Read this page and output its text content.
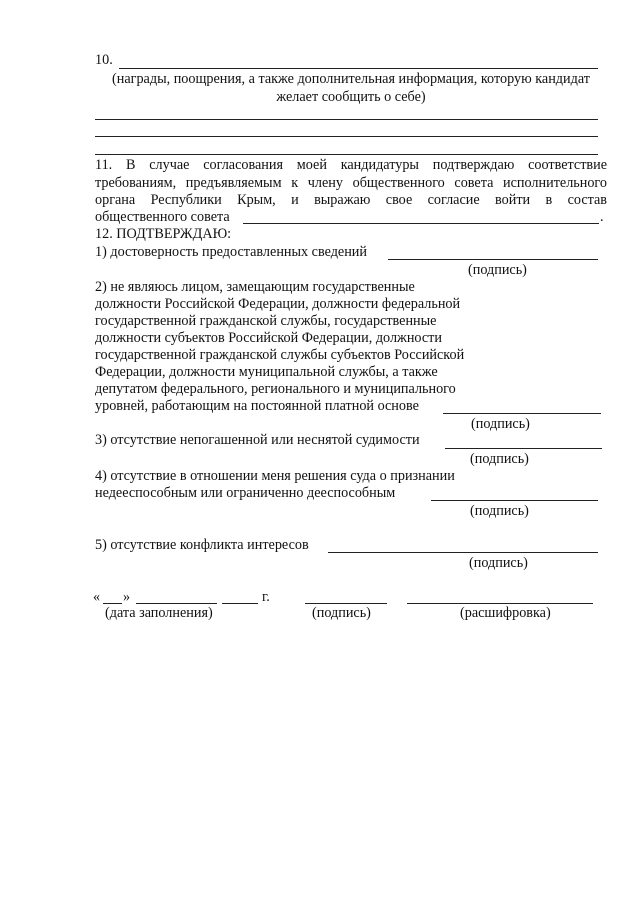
10.
(награды, поощрения, а также дополнительная информация, которую кандидат
желает сообщить о себе)
11. В случае согласования моей кандидатуры подтверждаю соответствие
требованиям, предъявляемым к члену общественного совета исполнительного
органа Республики Крым, и выражаю свое согласие войти в состав
общественного совета	.
12. ПОДТВЕРЖДАЮ:
1) достоверность предоставленных сведений
(подпись)
2) не являюсь лицом, замещающим государственные
должности Российской Федерации, должности федеральной
государственной гражданской службы, государственные
должности субъектов Российской Федерации, должности
государственной гражданской службы субъектов Российской
Федерации, должности муниципальной службы, а также
депутатом федерального, регионального и муниципального
уровней, работающим на постоянной платной основе
(подпись)
3) отсутствие непогашенной или неснятой судимости
(подпись)
4) отсутствие в отношении меня решения суда о признании
недееспособным или ограниченно дееспособным
(подпись)
5) отсутствие конфликта интересов
(подпись)
« »	г.
(дата заполнения)	(подпись)	(расшифровка)
